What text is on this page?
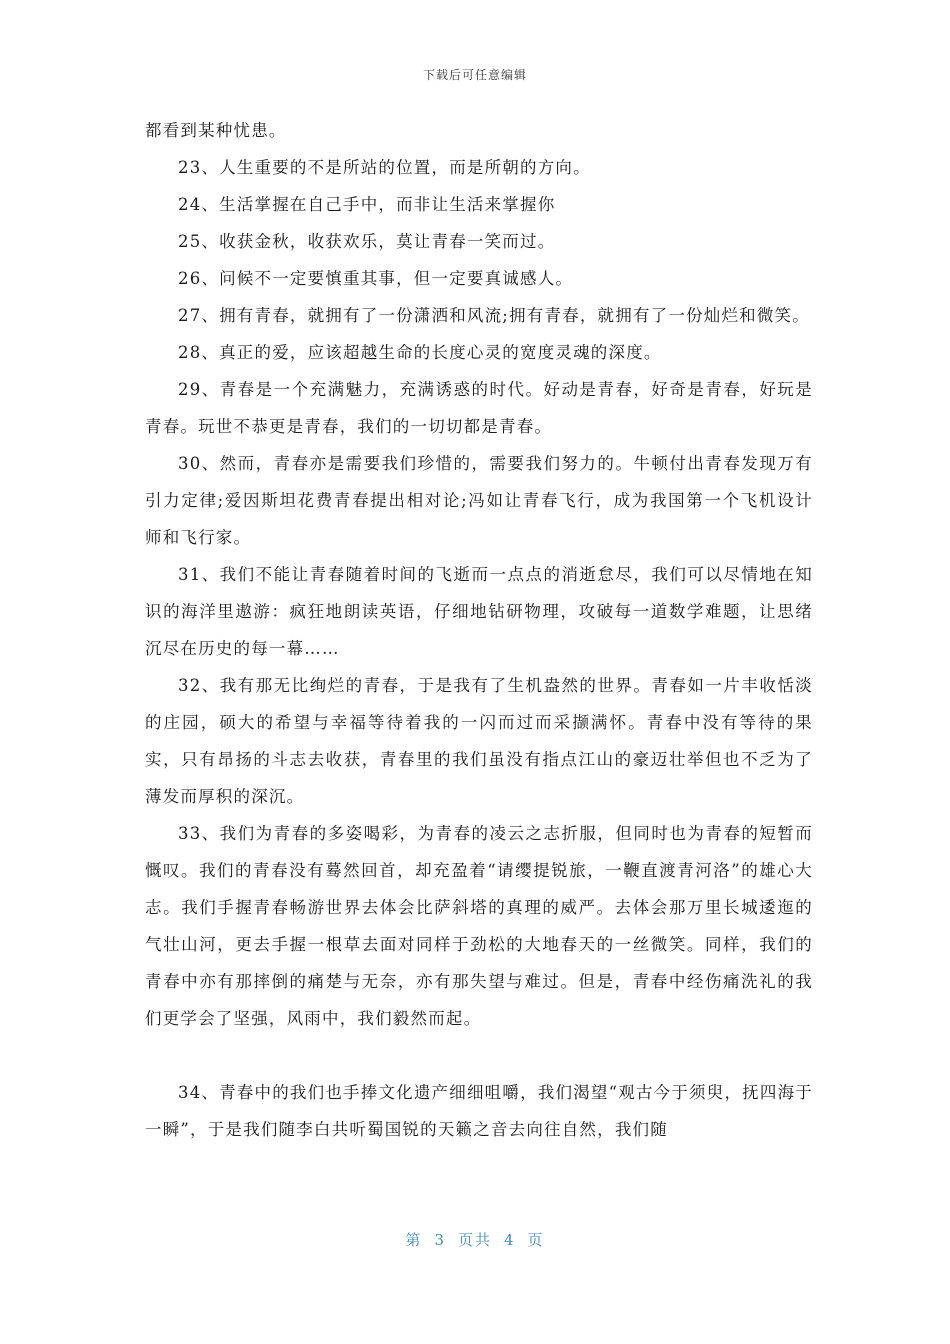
下载后可任意编辑

都看到某种忧患。

23、人生重要的不是所站的位置，而是所朝的方向。

24、生活掌握在自己手中，而非让生活来掌握你

25、收获金秋，收获欢乐，莫让青春一笑而过。

26、问候不一定要慎重其事，但一定要真诚感人。

27、拥有青春，就拥有了一份潇洒和风流;拥有青春，就拥有了一份灿烂和微笑。

28、真正的爱，应该超越生命的长度心灵的宽度灵魂的深度。

29、青春是一个充满魅力，充满诱惑的时代。好动是青春，好奇是青春，好玩是青春。玩世不恭更是青春，我们的一切切都是青春。

30、然而，青春亦是需要我们珍惜的，需要我们努力的。牛顿付出青春发现万有引力定律;爱因斯坦花费青春提出相对论;冯如让青春飞行，成为我国第一个飞机设计师和飞行家。

31、我们不能让青春随着时间的飞逝而一点点的消逝怠尽，我们可以尽情地在知识的海洋里遨游：疯狂地朗读英语，仔细地钻研物理，攻破每一道数学难题，让思绪沉尽在历史的每一幕……

32、我有那无比绚烂的青春，于是我有了生机盎然的世界。青春如一片丰收恬淡的庄园，硕大的希望与幸福等待着我的一闪而过而采撷满怀。青春中没有等待的果实，只有昂扬的斗志去收获，青春里的我们虽没有指点江山的豪迈壮举但也不乏为了薄发而厚积的深沉。

33、我们为青春的多姿喝彩，为青春的凌云之志折服，但同时也为青春的短暂而慨叹。我们的青春没有蓦然回首，却充盈着“请缨提锐旅，一鞭直渡青河洛”的雄心大志。我们手握青春畅游世界去体会比萨斜塔的真理的威严。去体会那万里长城逶迤的气壮山河，更去手握一根草去面对同样于劲松的大地春天的一丝微笑。同样，我们的青春中亦有那摔倒的痛楚与无奈，亦有那失望与难过。但是，青春中经伤痛洗礼的我们更学会了坚强，风雨中，我们毅然而起。

34、青春中的我们也手捧文化遗产细细咀嚼，我们渴望“观古今于须臾，抚四海于一瞬”，于是我们随李白共听蜀国锐的天籁之音去向往自然，我们随

第 3 页共 4 页
